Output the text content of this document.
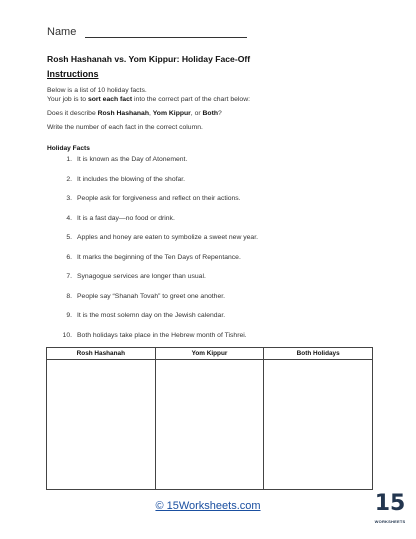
Name
Rosh Hashanah vs. Yom Kippur: Holiday Face-Off
Instructions

Below is a list of 10 holiday facts.

Your job is to sort each fact into the correct part of the chart below:

Does it describe Rosh Hashanah, Yom Kippur, or Both?

Write the number of each fact in the correct column.

Holiday Facts
1. It is known as the Day of Atonement.
2. It includes the blowing of the shofar.
3. People ask for forgiveness and reflect on their actions.
4. It is a fast day—no food or drink.
5. Apples and honey are eaten to symbolize a sweet new year.
6. It marks the beginning of the Ten Days of Repentance.
7. Synagogue services are longer than usual.
8. People say “Shanah Tovah” to greet one another.
9. It is the most solemn day on the Jewish calendar.
10. Both holidays take place in the Hebrew month of Tishrei.
Rosh Hashanah	Yom Kippur	Both Holidays

© 15Worksheets.com	15
WORKSHEETS
